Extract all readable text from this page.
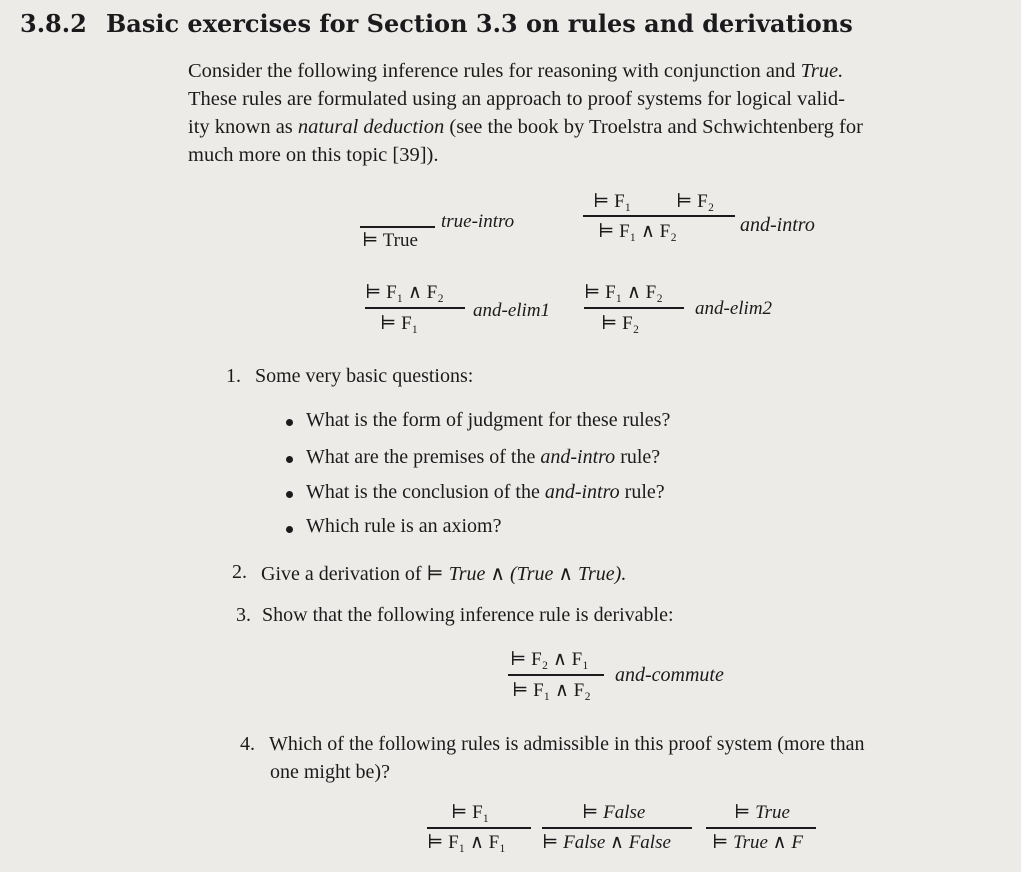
3.8.2 Basic exercises for Section 3.3 on rules and derivations
Consider the following inference rules for reasoning with conjunction and True.
These rules are formulated using an approach to proof systems for logical valid-
ity known as natural deduction (see the book by Troelstra and Schwichtenberg for
much more on this topic [39]).
⊨ True
true-intro
⊨ F₁ ⊨ F₂
⊨ F₁ ∧ F₂	and-intro
⊨ F₁ ∧ F₂
⊨ F₁
and-elim1
⊨ F₁ ∧ F₂
⊨ F₂
and-elim2
1. Some very basic questions:
What is the form of judgment for these rules?
What are the premises of the and-intro rule?
What is the conclusion of the and-intro rule?
Which rule is an axiom?
2. Give a derivation of ⊨ True ∧ (True ∧ True).
3. Show that the following inference rule is derivable:
⊨ F₂ ∧ F₁
⊨ F₁ ∧ F₂
and-commute
4. Which of the following rules is admissible in this proof system (more than
one might be)?
⊨ F₁
⊨ F₁ ∧ F₁
⊨ False
⊨ False ∧ False
⊨ True
⊨ True ∧ F
